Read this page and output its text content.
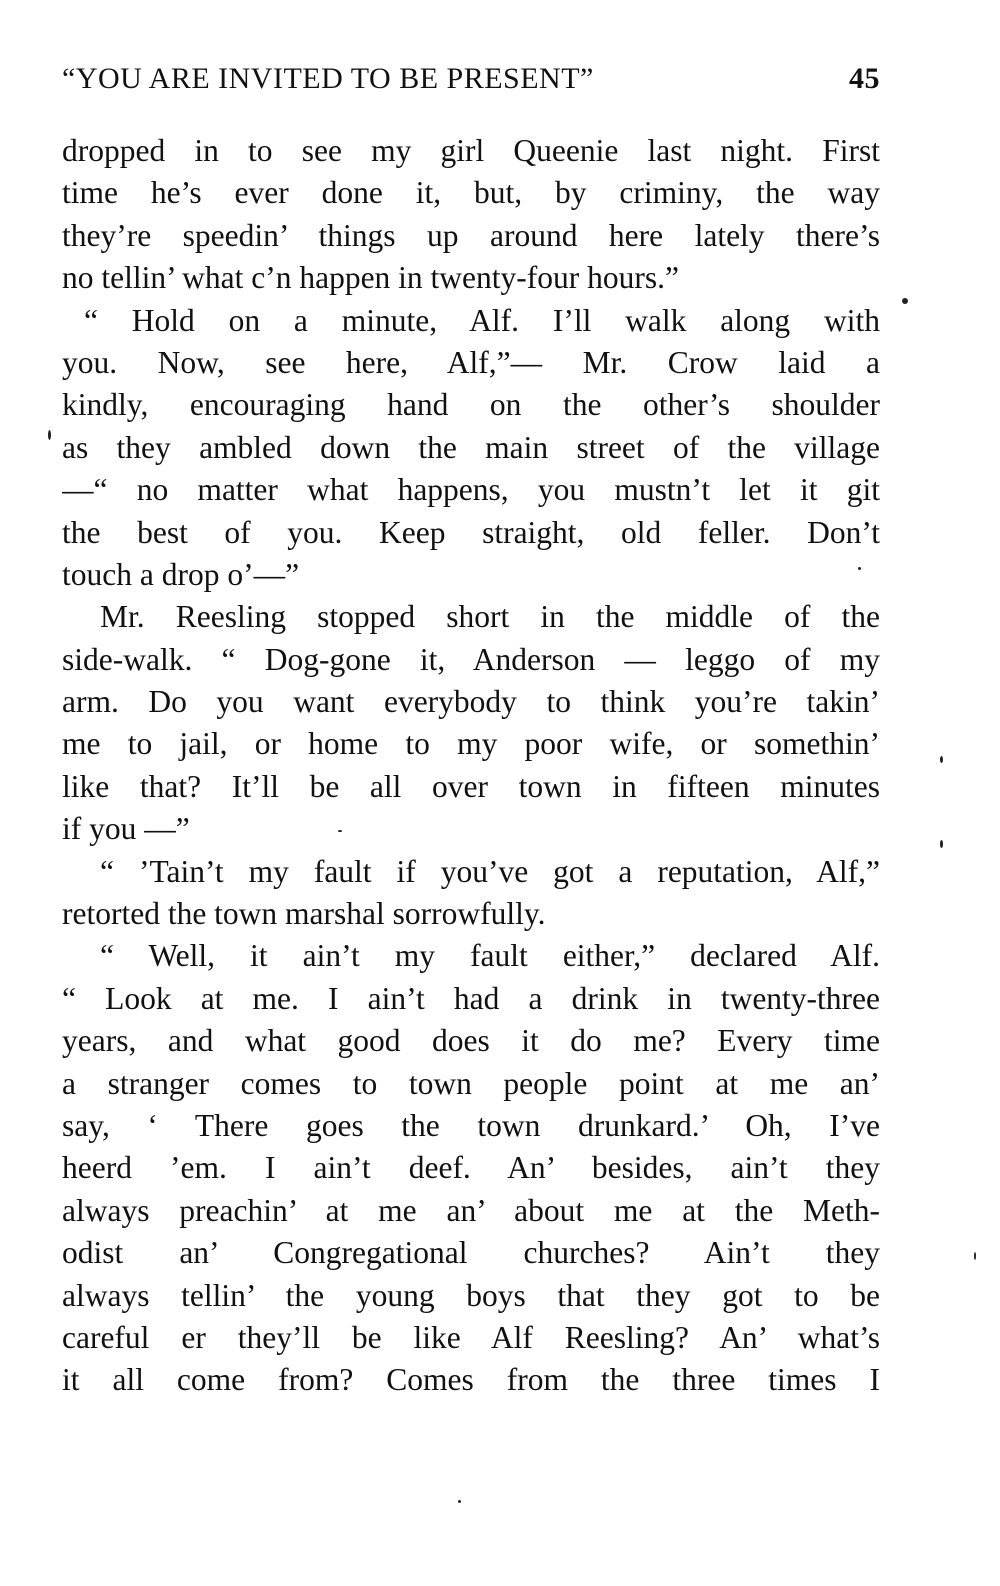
“YOU ARE INVITED TO BE PRESENT”	45
dropped in to see my girl Queenie last night. First
time he’s ever done it, but, by criminy, the way
they’re speedin’ things up around here lately there’s
no tellin’ what c’n happen in twenty-four hours.”
“ Hold on a minute, Alf. I’ll walk along with
you. Now, see here, Alf,”— Mr. Crow laid a
kindly, encouraging hand on the other’s shoulder
as they ambled down the main street of the village
—“ no matter what happens, you mustn’t let it git
the best of you. Keep straight, old feller. Don’t
touch a drop o’—”
Mr. Reesling stopped short in the middle of the
side-walk. “ Dog-gone it, Anderson — leggo of my
arm. Do you want everybody to think you’re takin’
me to jail, or home to my poor wife, or somethin’
like that? It’ll be all over town in fifteen minutes
if you —”
“ ’Tain’t my fault if you’ve got a reputation, Alf,”
retorted the town marshal sorrowfully.
“ Well, it ain’t my fault either,” declared Alf.
“ Look at me. I ain’t had a drink in twenty-three
years, and what good does it do me? Every time
a stranger comes to town people point at me an’
say, ‘ There goes the town drunkard.’ Oh, I’ve
heerd ’em. I ain’t deef. An’ besides, ain’t they
always preachin’ at me an’ about me at the Meth-
odist an’ Congregational churches? Ain’t they
always tellin’ the young boys that they got to be
careful er they’ll be like Alf Reesling? An’ what’s
it all come from? Comes from the three times I
